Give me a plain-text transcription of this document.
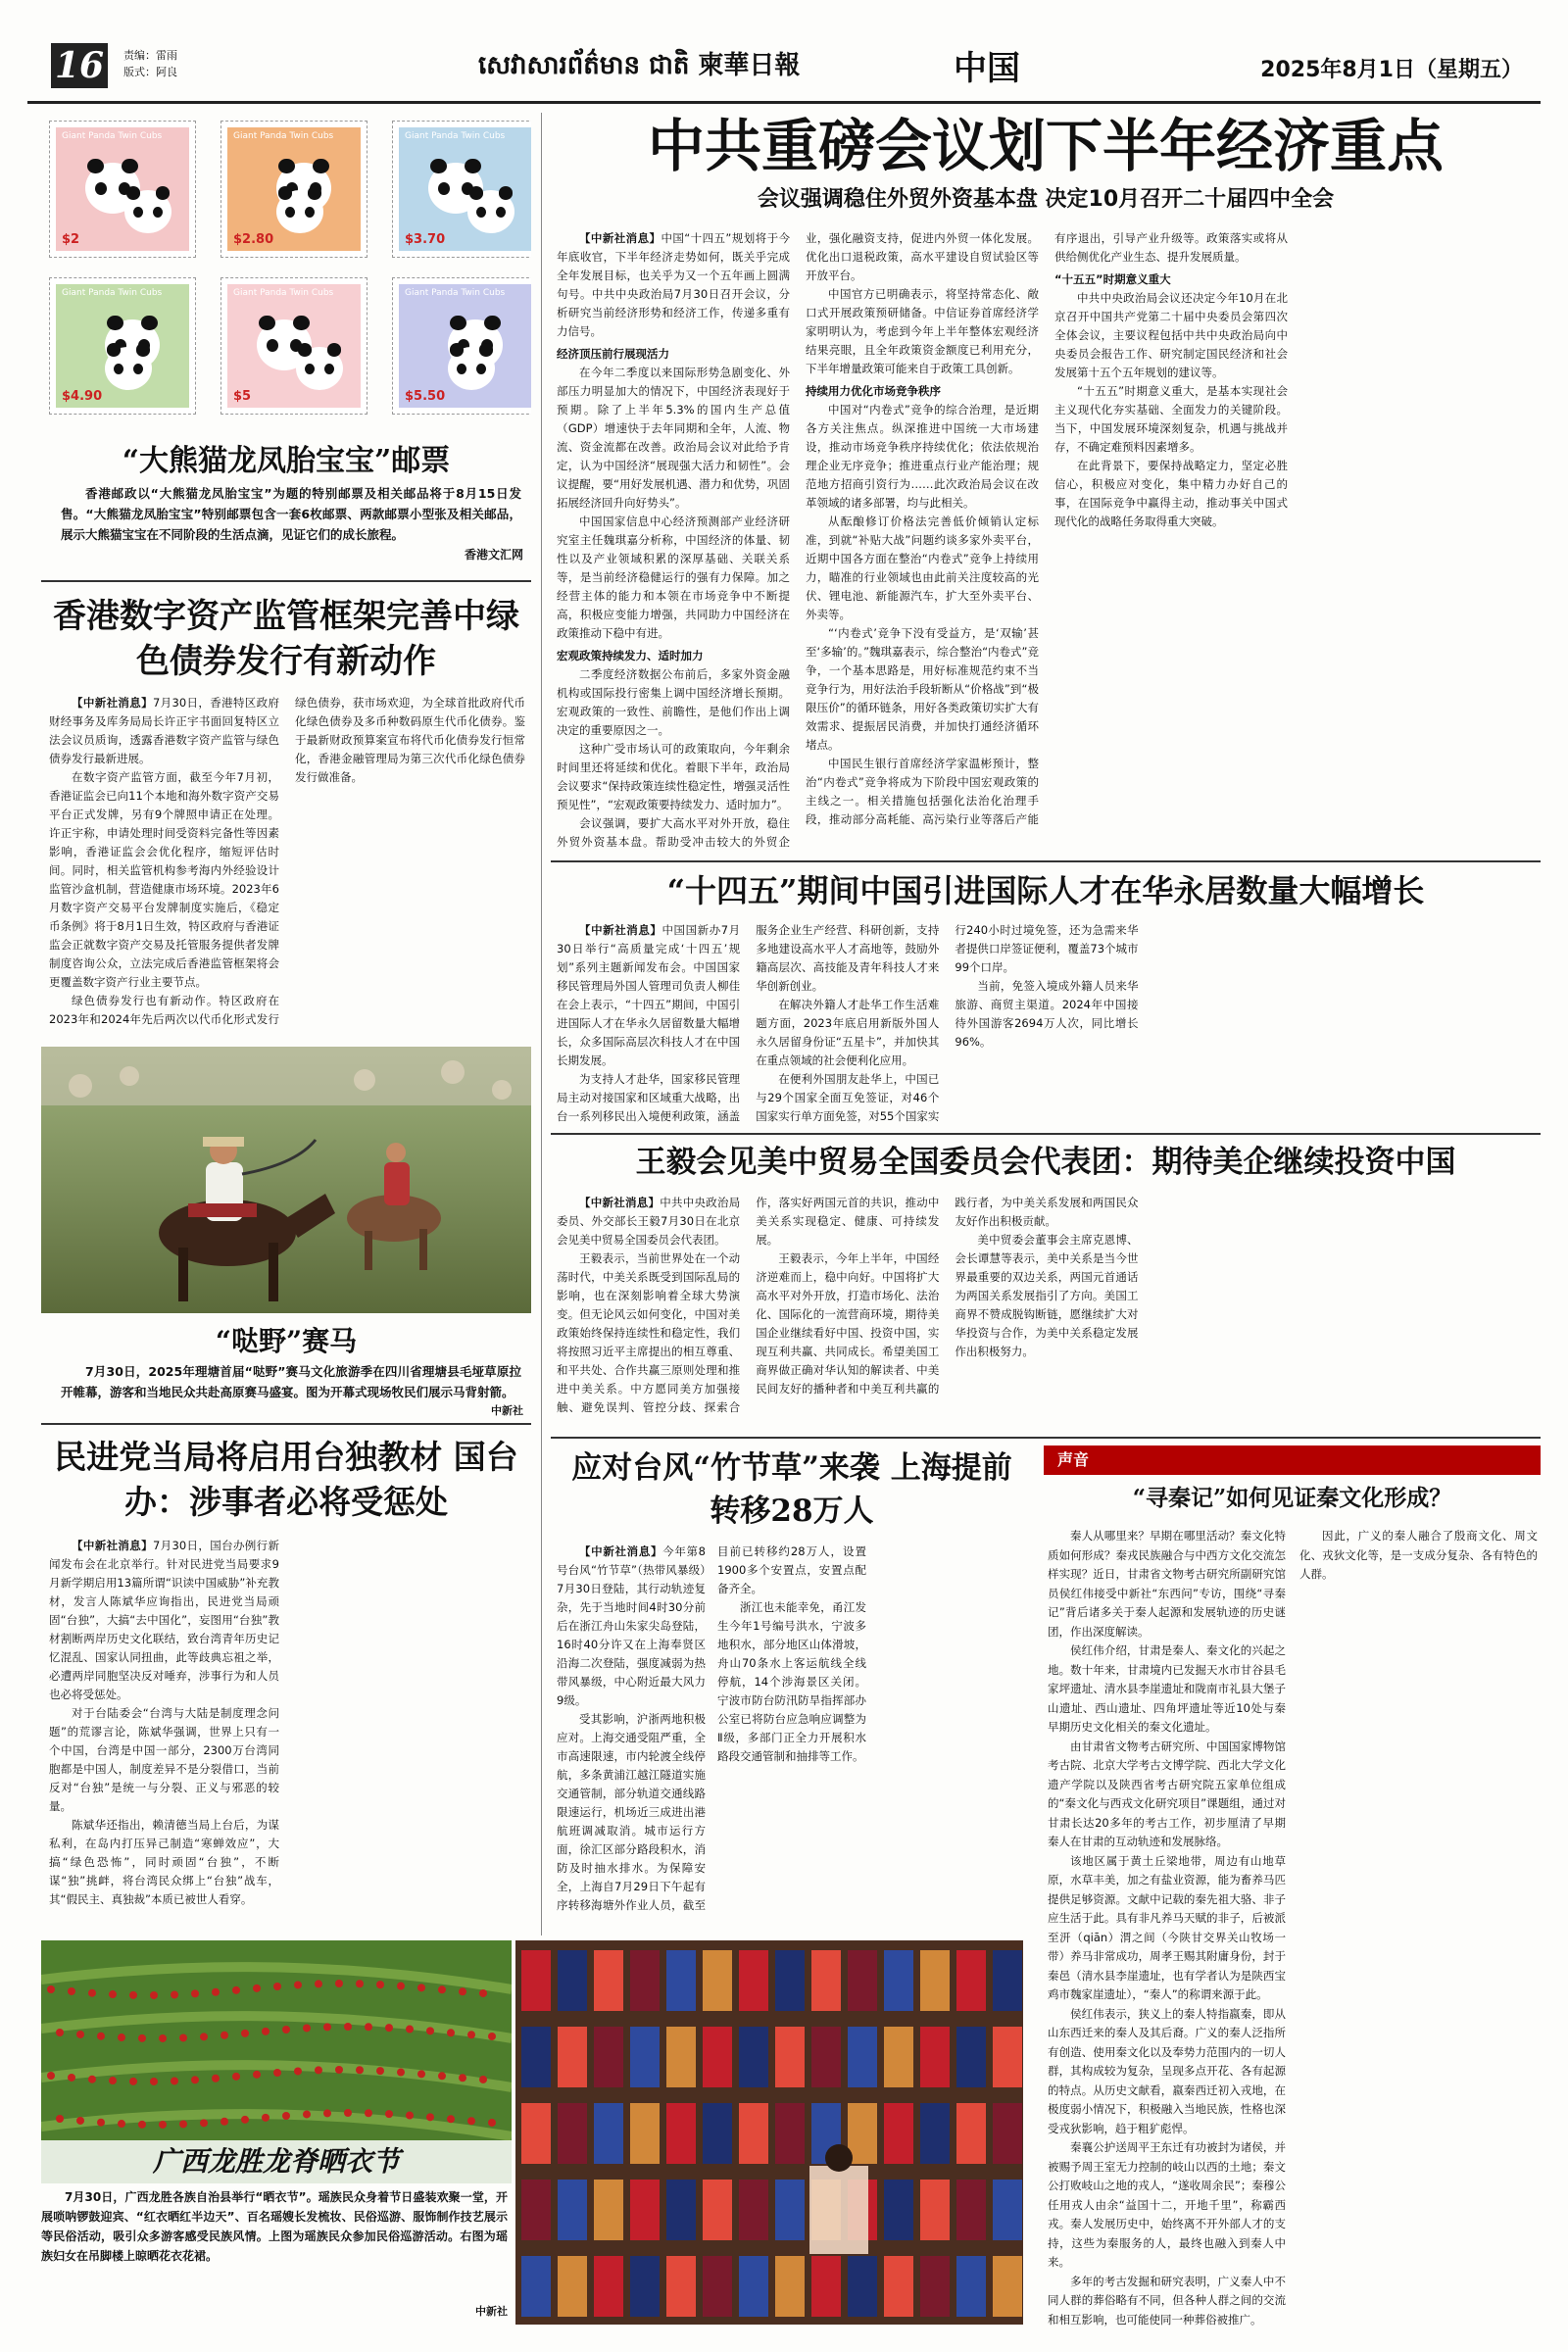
16	责编：雷雨
版式：阿良	សេវាសារព័ត៌មាន ជាតិ 柬華日報	中国	2025年8月1日（星期五）
Giant Panda Twin Cubs
$2
Giant Panda Twin Cubs
$2.80
Giant Panda Twin Cubs
$3.70
Giant Panda Twin Cubs
$4.90
Giant Panda Twin Cubs
$5
Giant Panda Twin Cubs
$5.50
“大熊猫龙凤胎宝宝”邮票
香港邮政以“大熊猫龙凤胎宝宝”为题的特别邮票及相关邮品将于8月15日发售。“大熊猫龙凤胎宝宝”特别邮票包含一套6枚邮票、两款邮票小型张及相关邮品，展示大熊猫宝宝在不同阶段的生活点滴，见证它们的成长旅程。
香港文汇网
香港数字资产监管框架完善中绿色债券发行有新动作

【中新社消息】7月30日，香港特区政府财经事务及库务局局长许正宇书面回复特区立法会议员质询，透露香港数字资产监管与绿色债券发行最新进展。

在数字资产监管方面，截至今年7月初，香港证监会已向11个本地和海外数字资产交易平台正式发牌，另有9个牌照申请正在处理。许正宇称，申请处理时间受资料完备性等因素影响，香港证监会会优化程序，缩短评估时间。同时，相关监管机构参考海内外经验设计监管沙盒机制，营造健康市场环境。2023年6月数字资产交易平台发牌制度实施后，《稳定币条例》将于8月1日生效，特区政府与香港证监会正就数字资产交易及托管服务提供者发牌制度咨询公众，立法完成后香港监管框架将会更覆盖数字资产行业主要节点。

绿色债券发行也有新动作。特区政府在2023年和2024年先后两次以代币化形式发行绿色债券，获市场欢迎，为全球首批政府代币化绿色债券及多币种数码原生代币化债券。鉴于最新财政预算案宣布将代币化债券发行恒常化，香港金融管理局为第三次代币化绿色债券发行做准备。

“哒野”赛马
7月30日，2025年理塘首届“哒野”赛马文化旅游季在四川省理塘县毛垭草原拉开帷幕，游客和当地民众共赴高原赛马盛宴。图为开幕式现场牧民们展示马背射箭。
中新社
民进党当局将启用台独教材 国台办：涉事者必将受惩处

【中新社消息】7月30日，国台办例行新闻发布会在北京举行。针对民进党当局要求9月新学期启用13篇所谓“识读中国威胁”补充教材，发言人陈斌华应询指出，民进党当局顽固“台独”，大搞“去中国化”，妄图用“台独”教材割断两岸历史文化联结，致台湾青年历史记忆混乱、国家认同扭曲，此等歧典忘祖之举，必遭两岸同胞坚决反对唾弃，涉事行为和人员也必将受惩处。

对于台陆委会“台湾与大陆是制度理念问题”的荒谬言论，陈斌华强调，世界上只有一个中国，台湾是中国一部分，2300万台湾同胞都是中国人，制度差异不是分裂借口，当前反对“台独”是统一与分裂、正义与邪恶的较量。

陈斌华还指出，赖清德当局上台后，为谋私利，在岛内打压异己制造“寒蝉效应”，大搞“绿色恐怖”，同时顽固“台独”，不断谋“独”挑衅，将台湾民众绑上“台独”战车，其“假民主、真独裁”本质已被世人看穿。

广西龙胜龙脊晒衣节
7月30日，广西龙胜各族自治县举行“晒衣节”。瑶族民众身着节日盛装欢聚一堂，开展唢呐锣鼓迎宾、“红衣晒红半边天”、百名瑶嫂长发梳妆、民俗巡游、服饰制作技艺展示等民俗活动，吸引众多游客感受民族风情。上图为瑶族民众参加民俗巡游活动。右图为瑶族妇女在吊脚楼上晾晒花衣花裙。
中新社
中共重磅会议划下半年经济重点
会议强调稳住外贸外资基本盘 决定10月召开二十届四中全会

【中新社消息】中国“十四五”规划将于今年底收官，下半年经济走势如何，既关乎完成全年发展目标，也关乎为又一个五年画上圆满句号。中共中央政治局7月30日召开会议，分析研究当前经济形势和经济工作，传递多重有力信号。

经济顶压前行展现活力

在今年二季度以来国际形势急剧变化、外部压力明显加大的情况下，中国经济表现好于预期。除了上半年5.3%的国内生产总值（GDP）增速快于去年同期和全年，人流、物流、资金流都在改善。政治局会议对此给予肯定，认为中国经济“展现强大活力和韧性”。会议提醒，要“用好发展机遇、潜力和优势，巩固拓展经济回升向好势头”。

中国国家信息中心经济预测部产业经济研究室主任魏琪嘉分析称，中国经济的体量、韧性以及产业领域积累的深厚基础、关联关系等，是当前经济稳健运行的强有力保障。加之经营主体的能力和本领在市场竞争中不断提高，积极应变能力增强，共同助力中国经济在政策推动下稳中有进。

宏观政策持续发力、适时加力

二季度经济数据公布前后，多家外资金融机构或国际投行密集上调中国经济增长预期。宏观政策的一致性、前瞻性，是他们作出上调决定的重要原因之一。

这种广受市场认可的政策取向，今年剩余时间里还将延续和优化。着眼下半年，政治局会议要求“保持政策连续性稳定性，增强灵活性预见性”，“宏观政策要持续发力、适时加力”。

会议强调，要扩大高水平对外开放，稳住外贸外资基本盘。帮助受冲击较大的外贸企业，强化融资支持，促进内外贸一体化发展。优化出口退税政策，高水平建设自贸试验区等开放平台。

中国官方已明确表示，将坚持常态化、敞口式开展政策预研储备。中信证券首席经济学家明明认为，考虑到今年上半年整体宏观经济结果亮眼，且全年政策资金额度已利用充分，下半年增量政策可能来自于政策工具创新。

持续用力优化市场竞争秩序

中国对“内卷式”竞争的综合治理，是近期各方关注焦点。纵深推进中国统一大市场建设，推动市场竞争秩序持续优化；依法依规治理企业无序竞争；推进重点行业产能治理；规范地方招商引资行为……此次政治局会议在改革领域的诸多部署，均与此相关。

从酝酿修订价格法完善低价倾销认定标准，到就“补贴大战”问题约谈多家外卖平台，近期中国各方面在整治“内卷式”竞争上持续用力，瞄准的行业领域也由此前关注度较高的光伏、锂电池、新能源汽车，扩大至外卖平台、外卖等。

“‘内卷式’竞争下没有受益方，是‘双输’甚至‘多输’的。”魏琪嘉表示，综合整治“内卷式”竞争，一个基本思路是，用好标准规范约束不当竞争行为，用好法治手段斩断从“价格战”到“极限压价”的循环链条，用好各类政策切实扩大有效需求、提振居民消费，并加快打通经济循环堵点。

中国民生银行首席经济学家温彬预计，整治“内卷式”竞争将成为下阶段中国宏观政策的主线之一。相关措施包括强化法治化治理手段，推动部分高耗能、高污染行业等落后产能有序退出，引导产业升级等。政策落实或将从供给侧优化产业生态、提升发展质量。

“十五五”时期意义重大

中共中央政治局会议还决定今年10月在北京召开中国共产党第二十届中央委员会第四次全体会议，主要议程包括中共中央政治局向中央委员会报告工作、研究制定国民经济和社会发展第十五个五年规划的建议等。

“十五五”时期意义重大，是基本实现社会主义现代化夯实基础、全面发力的关键阶段。当下，中国发展环境深刻复杂，机遇与挑战并存，不确定难预料因素增多。

在此背景下，要保持战略定力，坚定必胜信心，积极应对变化，集中精力办好自己的事，在国际竞争中赢得主动，推动事关中国式现代化的战略任务取得重大突破。

“十四五”期间中国引进国际人才在华永居数量大幅增长

【中新社消息】中国国新办7月30日举行“高质量完成‘十四五’规划”系列主题新闻发布会。中国国家移民管理局外国人管理司负责人柳佳在会上表示，“十四五”期间，中国引进国际人才在华永久居留数量大幅增长，众多国际高层次科技人才在中国长期发展。

为支持人才赴华，国家移民管理局主动对接国家和区域重大战略，出台一系列移民出入境便利政策，涵盖服务企业生产经营、科研创新，支持多地建设高水平人才高地等，鼓励外籍高层次、高技能及青年科技人才来华创新创业。

在解决外籍人才赴华工作生活难题方面，2023年底启用新版外国人永久居留身份证“五星卡”，并加快其在重点领域的社会便利化应用。

在便利外国朋友赴华上，中国已与29个国家全面互免签证，对46个国家实行单方面免签，对55个国家实行240小时过境免签，还为急需来华者提供口岸签证便利，覆盖73个城市99个口岸。

当前，免签入境成外籍人员来华旅游、商贸主渠道。2024年中国接待外国游客2694万人次，同比增长96%。

王毅会见美中贸易全国委员会代表团：期待美企继续投资中国

【中新社消息】中共中央政治局委员、外交部长王毅7月30日在北京会见美中贸易全国委员会代表团。

王毅表示，当前世界处在一个动荡时代，中美关系既受到国际乱局的影响，也在深刻影响着全球大势演变。但无论风云如何变化，中国对美政策始终保持连续性和稳定性，我们将按照习近平主席提出的相互尊重、和平共处、合作共赢三原则处理和推进中美关系。中方愿同美方加强接触、避免误判、管控分歧、探索合作，落实好两国元首的共识，推动中美关系实现稳定、健康、可持续发展。

王毅表示，今年上半年，中国经济逆难而上，稳中向好。中国将扩大高水平对外开放，打造市场化、法治化、国际化的一流营商环境，期待美国企业继续看好中国、投资中国，实现互利共赢、共同成长。希望美国工商界做正确对华认知的解读者、中美民间友好的播种者和中美互利共赢的践行者，为中美关系发展和两国民众友好作出积极贡献。

美中贸委会董事会主席克恩博、会长谭慧等表示，美中关系是当今世界最重要的双边关系，两国元首通话为两国关系发展指引了方向。美国工商界不赞成脱钩断链，愿继续扩大对华投资与合作，为美中关系稳定发展作出积极努力。

应对台风“竹节草”来袭 上海提前转移28万人

【中新社消息】今年第8号台风“竹节草”（热带风暴级）7月30日登陆，其行动轨迹复杂，先于当地时间4时30分前后在浙江舟山朱家尖岛登陆，16时40分许又在上海奉贤区沿海二次登陆，强度减弱为热带风暴级，中心附近最大风力9级。

受其影响，沪浙两地积极应对。上海交通受阻严重，全市高速限速，市内轮渡全线停航，多条黄浦江越江隧道实施交通管制，部分轨道交通线路限速运行，机场近三成进出港航班调减取消。城市运行方面，徐汇区部分路段积水，消防及时抽水排水。为保障安全，上海自7月29日下午起有序转移海塘外作业人员，截至目前已转移约28万人，设置1900多个安置点，安置点配备齐全。

浙江也未能幸免，甬江发生今年1号编号洪水，宁波多地积水，部分地区山体滑坡，舟山70条水上客运航线全线停航，14个涉海景区关闭。宁波市防台防汛防旱指挥部办公室已将防台应急响应调整为Ⅱ级，多部门正全力开展积水路段交通管制和抽排等工作。

声音
“寻秦记”如何见证秦文化形成？

秦人从哪里来？早期在哪里活动？秦文化特质如何形成？秦戎民族融合与中西方文化交流怎样实现？近日，甘肃省文物考古研究所副研究馆员侯红伟接受中新社“东西问”专访，围绕“寻秦记”背后诸多关于秦人起源和发展轨迹的历史谜团，作出深度解读。

侯红伟介绍，甘肃是秦人、秦文化的兴起之地。数十年来，甘肃境内已发掘天水市甘谷县毛家坪遗址、清水县李崖遗址和陇南市礼县大堡子山遗址、西山遗址、四角坪遗址等近10处与秦早期历史文化相关的秦文化遗址。

由甘肃省文物考古研究所、中国国家博物馆考古院、北京大学考古文博学院、西北大学文化遗产学院以及陕西省考古研究院五家单位组成的“秦文化与西戎文化研究项目”课题组，通过对甘肃长达20多年的考古工作，初步厘清了早期秦人在甘肃的互动轨迹和发展脉络。

该地区属于黄土丘梁地带，周边有山地草原，水草丰美，加之有盐业资源，能为畜养马匹提供足够资源。文献中记载的秦先祖大骆、非子应生活于此。具有非凡养马天赋的非子，后被派至汧（qiān）渭之间（今陕甘交界关山牧场一带）养马非常成功，周孝王赐其附庸身份，封于秦邑（清水县李崖遗址，也有学者认为是陕西宝鸡市魏家崖遗址），“秦人”的称谓来源于此。

侯红伟表示，狭义上的秦人特指嬴秦，即从山东西迁来的秦人及其后裔。广义的秦人泛指所有创造、使用秦文化以及奉势力范围内的一切人群，其构成较为复杂，呈现多点开花、各有起源的特点。从历史文献看，嬴秦西迁初入戎地，在极度弱小情况下，积极融入当地民族，性格也深受戎狄影响，趋于粗犷彪悍。

秦襄公护送周平王东迁有功被封为诸侯，并被赐予周王室无力控制的岐山以西的土地；秦文公打败岐山之地的戎人，“遂收周余民”；秦穆公任用戎人由余“益国十二，开地千里”，称霸西戎。秦人发展历史中，始终离不开外部人才的支持，这些为秦服务的人，最终也融入到秦人中来。

多年的考古发掘和研究表明，广义秦人中不同人群的葬俗略有不同，但各种人群之间的交流和相互影响，也可能使同一种葬俗被推广。

因此，广义的秦人融合了殷商文化、周文化、戎狄文化等，是一支成分复杂、各有特色的人群。
